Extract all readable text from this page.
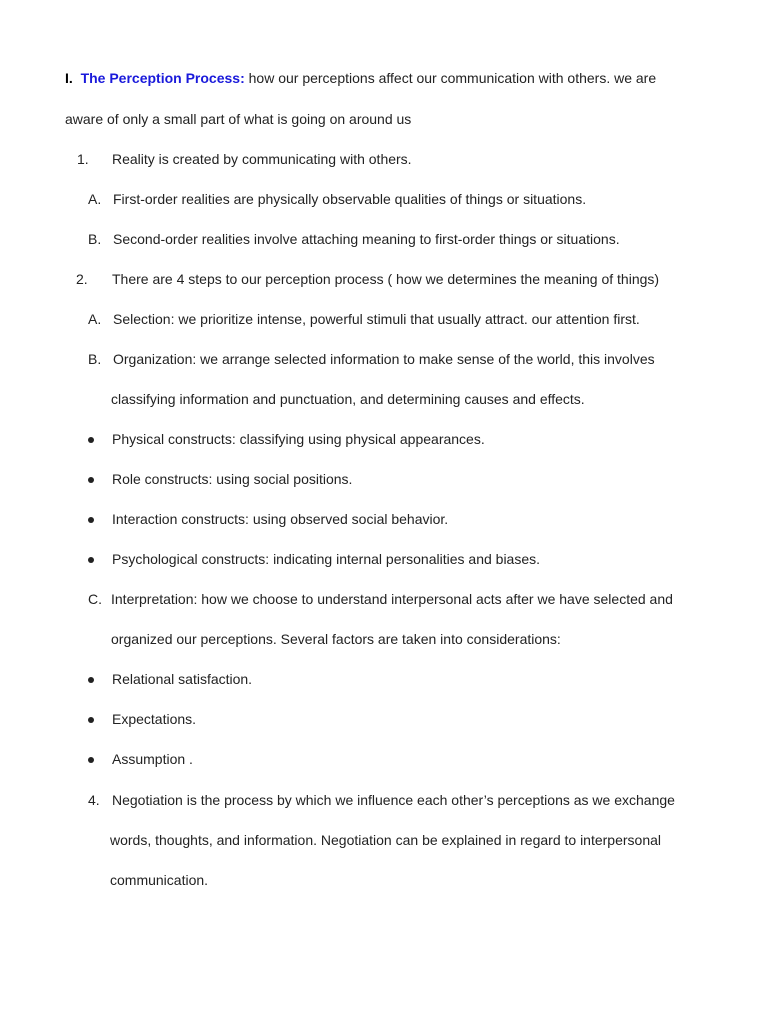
I. The Perception Process: how our perceptions affect our communication with others. we are
aware of only a small part of what is going on around us
1. Reality is created by communicating with others.
A. First-order realities are physically observable qualities of things or situations.
B. Second-order realities involve attaching meaning to first-order things or situations.
2. There are 4 steps to our perception process ( how we determines the meaning of things)
A. Selection: we prioritize intense, powerful stimuli that usually attract. our attention first.
B. Organization: we arrange selected information to make sense of the world, this involves
classifying information and punctuation, and determining causes and effects.
Physical constructs: classifying using physical appearances.
Role constructs: using social positions.
Interaction constructs: using observed social behavior.
Psychological constructs: indicating internal personalities and biases.
C. Interpretation: how we choose to understand interpersonal acts after we have selected and
organized our perceptions. Several factors are taken into considerations:
Relational satisfaction.
Expectations.
Assumption .
4. Negotiation is the process by which we influence each other’s perceptions as we exchange
words, thoughts, and information. Negotiation can be explained in regard to interpersonal
communication.
